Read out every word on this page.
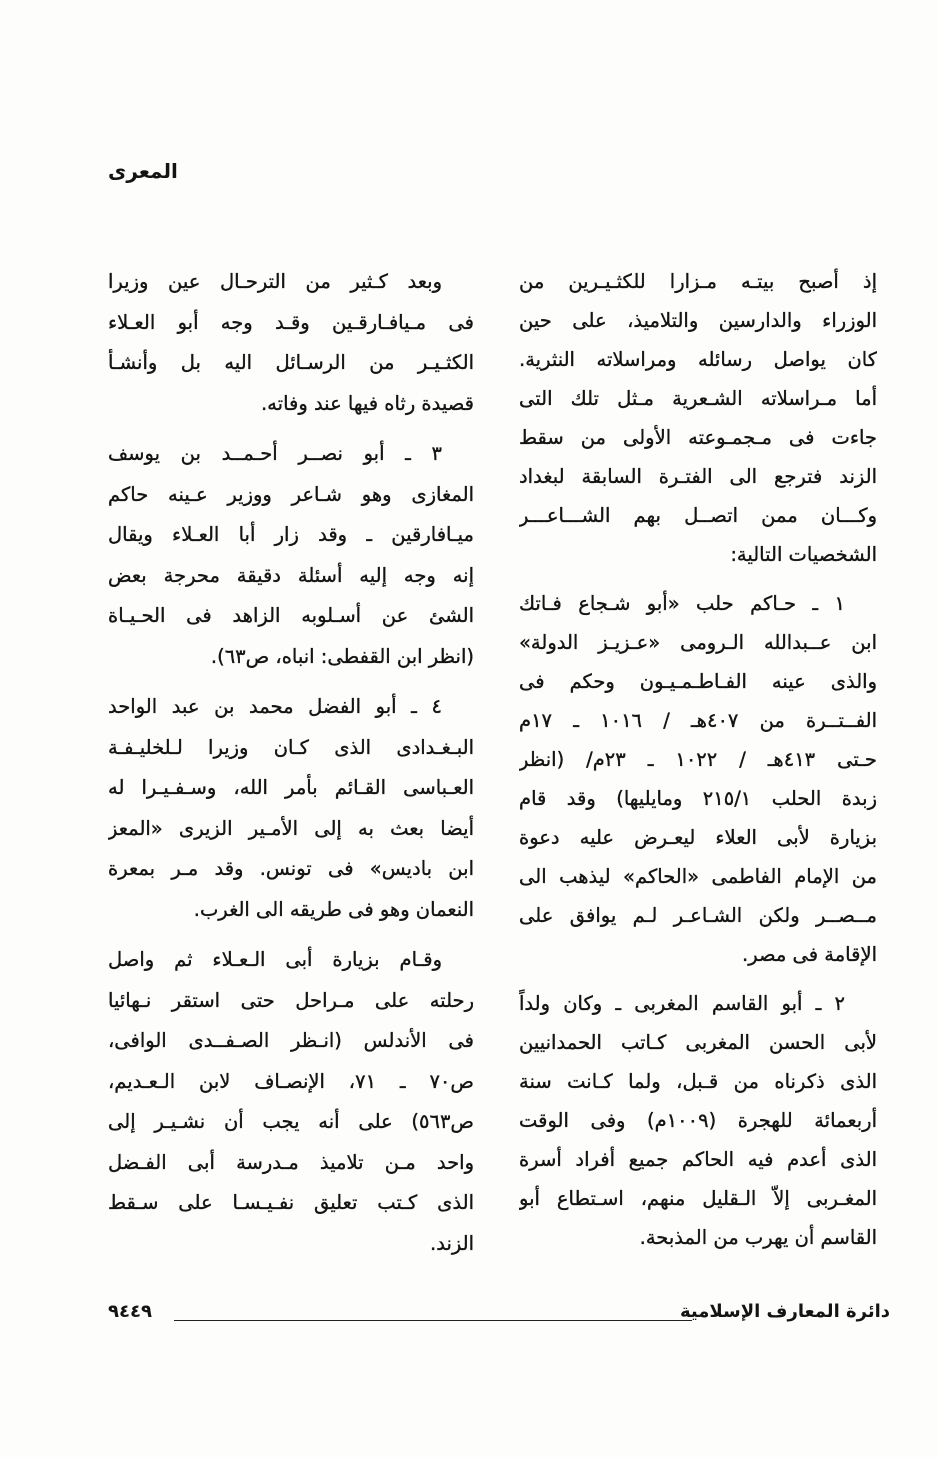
المعرى
إذ أصبح بيتـه مـزارا للكثـيـرين من
الوزراء والدارسين والتلاميذ، على حين
كان يواصل رسائله ومراسلاته النثرية.
أما مـراسلاته الشـعرية مـثل تلك التى
جاءت فى مـجمـوعته الأولى من سقط
الزند فترجع الى الفتـرة السابقة لبغداد
وكـــان ممن اتصــل بهم الشـــاعـــر
الشخصيات التالية:
١ ـ حـاكم حلب «أبو شـجاع فـاتك
ابن عــبدالله الـرومى «عـزيـز الدولة»
والذى عينه الفـاطـمـيـون وحكم فى
الفــتــرة من ٤٠٧هـ / ١٠١٦ ـ ١٧م
حـتى ٤١٣هـ / ١٠٢٢ ـ ٢٣م/ (انظر
زبدة الحلب ٢١٥/١ ومايليها) وقد قام
بزيارة لأبى العلاء ليعـرض عليه دعوة
من الإمام الفاطمى «الحاكم» ليذهب الى
مــصــر ولكن الشـاعـر لـم يوافق على
الإقامة فى مصر.
٢ ـ أبو القاسم المغربى ـ وكان ولداً
لأبى الحسن المغربى كـاتب الحمدانيين
الذى ذكرناه من قـبل، ولما كـانت سنة
أربعمائة للهجرة (١٠٠٩م) وفى الوقت
الذى أعدم فيه الحاكم جميع أفراد أسرة
المغـربى إلاّ الـقليل منهم، اسـتطاع أبو
القاسم أن يهرب من المذبحة.
وبعد كـثير من الترحـال عين وزيرا
فى مـيافـارقـين وقـد وجه أبو العـلاء
الكثـيـر من الرسـائل اليه بل وأنشـأ
قصيدة رثاه فيها عند وفاته.
٣ ـ أبو نصــر أحـمــد بن يوسف
المغازى وهو شـاعر ووزير عـينه حاكم
ميـافارقين ـ وقد زار أبا العـلاء ويقال
إنه وجه إليه أسئلة دقيقة محرجة بعض
الشئ عن أسـلوبه الزاهد فى الحـيـاة
(انظر ابن القفطى: انباه، ص٦٣).
٤ ـ أبو الفضل محمد بن عبد الواحد
البـغـدادى الذى كـان وزيرا لـلخليـفـة
العـباسى القـائم بأمر الله، وسـفـيـرا له
أيضا بعث به إلى الأمـير الزيرى «المعز
ابن باديس» فى تونس. وقد مـر بمعرة
النعمان وهو فى طريقه الى الغرب.
وقـام بزيارة أبى الـعـلاء ثم واصل
رحلته على مـراحل حتى استقر نـهائيا
فى الأندلس (انـظر الصـفــدى الوافى،
ص٧٠ ـ ٧١، الإنصـاف لابن الـعـديم،
ص٥٦٣) على أنه يجب أن نشـيـر إلى
واحد مـن تلاميذ مـدرسة أبى الفـضل
الذى كـتب تعليق نفـيـسـا على سـقط
الزند.
دائرة المعارف الإسلامية
٩٤٤٩
